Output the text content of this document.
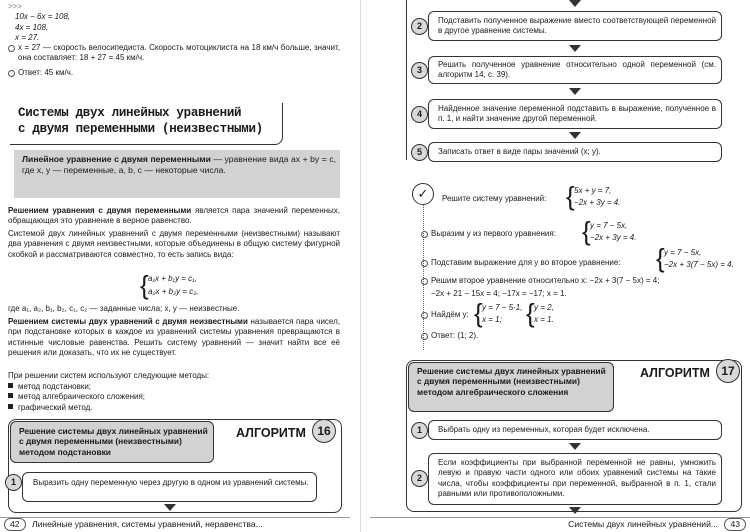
>>>
10x − 6x = 108,
4x = 108,
x = 27.
x = 27 — скорость велосипедиста. Скорость мотоциклиста на 18 км/ч больше, значит, она составляет: 18 + 27 = 45 км/ч.
Ответ: 45 км/ч.
Системы двух линейных уравнений
с двумя переменными (неизвестными)
Линейное уравнение с двумя переменными — уравнение вида ax + by = c, где x, y — переменные, a, b, c — некоторые числа.
Решением уравнения с двумя переменными является пара значений переменных, обращающая это уравнение в верное равенство.
Системой двух линейных уравнений с двумя переменными (неизвестными) называют два уравнения с двумя неизвестными, которые объединены в общую систему фигурной скобкой и рассматриваются совместно, то есть запись вида:
{ a₁x + b₁y = c₁,
a₂x + b₂y = c₂,
где a₁, a₂, b₁, b₂, c₁, c₂ — заданные числа; x, y — неизвестные.
Решением системы двух уравнений с двумя неизвестными называется пара чисел, при подстановке которых в каждое из уравнений системы уравнения превращаются в истинные числовые равенства. Решить систему уравнений — значит найти все её решения или доказать, что их не существует.
При решении систем используют следующие методы:
метод подстановки;
метод алгебраического сложения;
графический метод.
Решение системы двух линейных уравнений с двумя переменными (неизвестными) методом подстановки
АЛГОРИТМ 16
Выразить одну переменную через другую в одном из уравнений системы.
1
42 Линейные уравнения, системы уравнений, неравенства...
Подставить полученное выражение вместо соответствующей переменной в другое уравнение системы.
2
Решить полученное уравнение относительно одной переменной (см. алгоритм 14, с. 39).
3
Найденное значение переменной подставить в выражение, полученное в п. 1, и найти значение другой переменной.
4
Записать ответ в виде пары значений (x; y).
5
✓	Решите систему уравнений: { 5x + y = 7,
−2x + 3y = 4.
Выразим y из первого уравнения: { y = 7 − 5x,
−2x + 3y = 4.
Подставим выражение для y во второе уравнение: { y = 7 − 5x,
−2x + 3(7 − 5x) = 4.
Решим второе уравнение относительно x: −2x + 3(7 − 5x) = 4;
−2x + 21 − 15x = 4; −17x = −17; x = 1.
Найдём y: { y = 7 − 5·1,
x = 1; { y = 2,
x = 1.
Ответ: (1; 2).
Решение системы двух линейных уравнений с двумя переменными (неизвестными) методом алгебраического сложения
АЛГОРИТМ 17
Выбрать одну из переменных, которая будет исключена.
1
Если коэффициенты при выбранной переменной не равны, умножить левую и правую части одного или обоих уравнений системы на такие числа, чтобы коэффициенты при переменной, выбранной в п. 1, стали равными или противоположными.
2
Системы двух линейных уравнений... 43
